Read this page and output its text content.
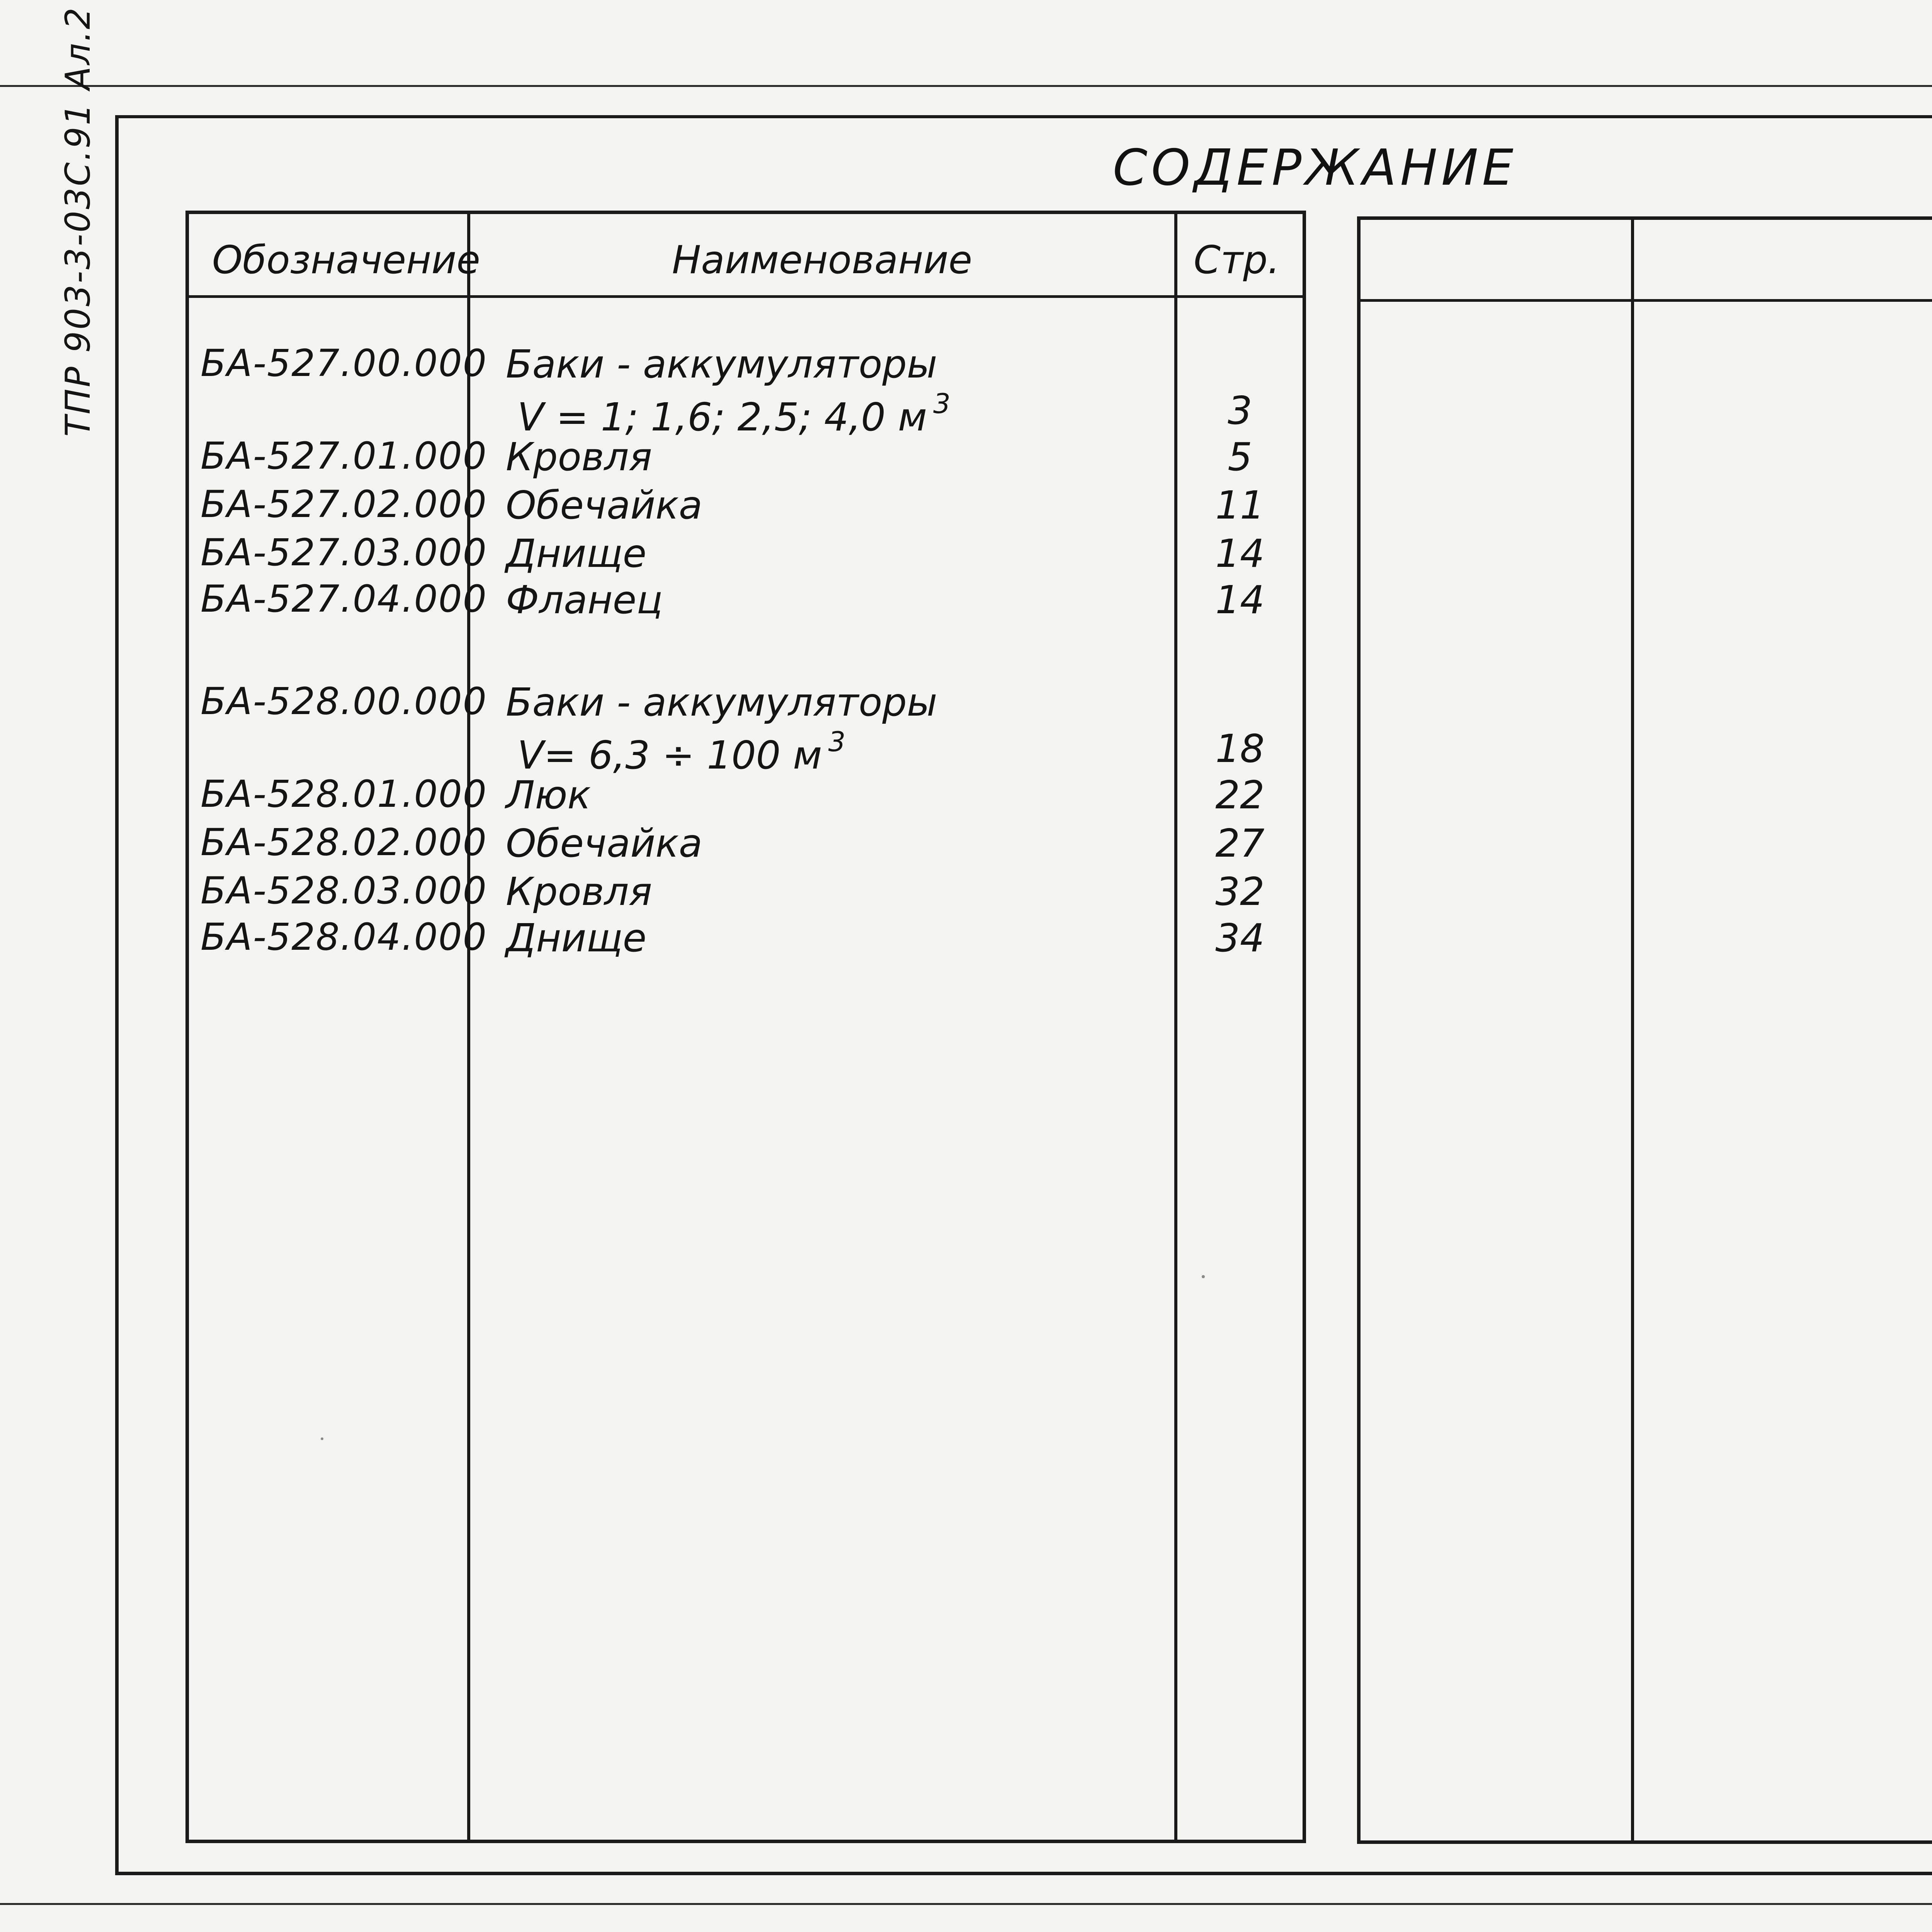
ТПР 903-3-03С.91 Ал.2	СОДЕРЖАНИЕ
Обозначение	Наименование	Стр.
БА-527.00.000 Баки - аккумуляторы
V = 1; 1,6; 2,5; 4,0 м $^3$	3
БА-527.01.000 Кровля	5
БА-527.02.000 Обечайка	11
БА-527.03.000 Днище	14
БА-527.04.000 Фланец	14
БА-528.00.000 Баки - аккумуляторы
V= 6,3 ÷ 100 м $^3$	18
БА-528.01.000 Люк	22
БА-528.02.000 Обечайка	27
БА-528.03.000 Кровля	32
БА-528.04.000 Днище	34
